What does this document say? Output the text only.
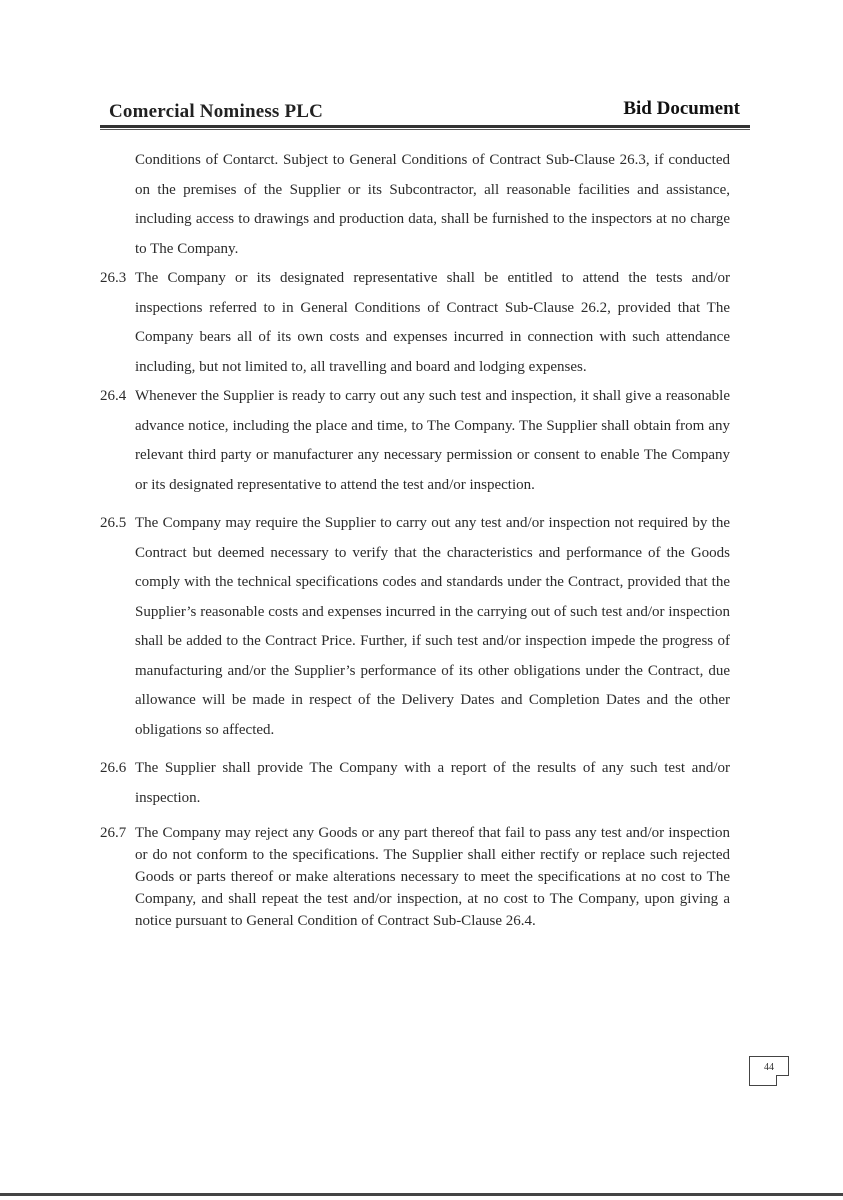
Comercial Nominess PLC	Bid Document

Conditions of Contarct. Subject to General Conditions of Contract Sub-Clause 26.3, if conducted on the premises of the Supplier or its Subcontractor, all reasonable facilities and assistance, including access to drawings and production data, shall be furnished to the inspectors at no charge to The Company.

26.3 The Company or its designated representative shall be entitled to attend the tests and/or inspections referred to in General Conditions of Contract Sub-Clause 26.2, provided that The Company bears all of its own costs and expenses incurred in connection with such attendance including, but not limited to, all travelling and board and lodging expenses.

26.4 Whenever the Supplier is ready to carry out any such test and inspection, it shall give a reasonable advance notice, including the place and time, to The Company. The Supplier shall obtain from any relevant third party or manufacturer any necessary permission or consent to enable The Company or its designated representative to attend the test and/or inspection.

26.5 The Company may require the Supplier to carry out any test and/or inspection not required by the Contract but deemed necessary to verify that the characteristics and performance of the Goods comply with the technical specifications codes and standards under the Contract, provided that the Supplier’s reasonable costs and expenses incurred in the carrying out of such test and/or inspection shall be added to the Contract Price. Further, if such test and/or inspection impede the progress of manufacturing and/or the Supplier’s performance of its other obligations under the Contract, due allowance will be made in respect of the Delivery Dates and Completion Dates and the other obligations so affected.

26.6 The Supplier shall provide The Company with a report of the results of any such test and/or inspection.

26.7 The Company may reject any Goods or any part thereof that fail to pass any test and/or inspection or do not conform to the specifications. The Supplier shall either rectify or replace such rejected Goods or parts thereof or make alterations necessary to meet the specifications at no cost to The Company, and shall repeat the test and/or inspection, at no cost to The Company, upon giving a notice pursuant to General Condition of Contract Sub-Clause 26.4.

44
